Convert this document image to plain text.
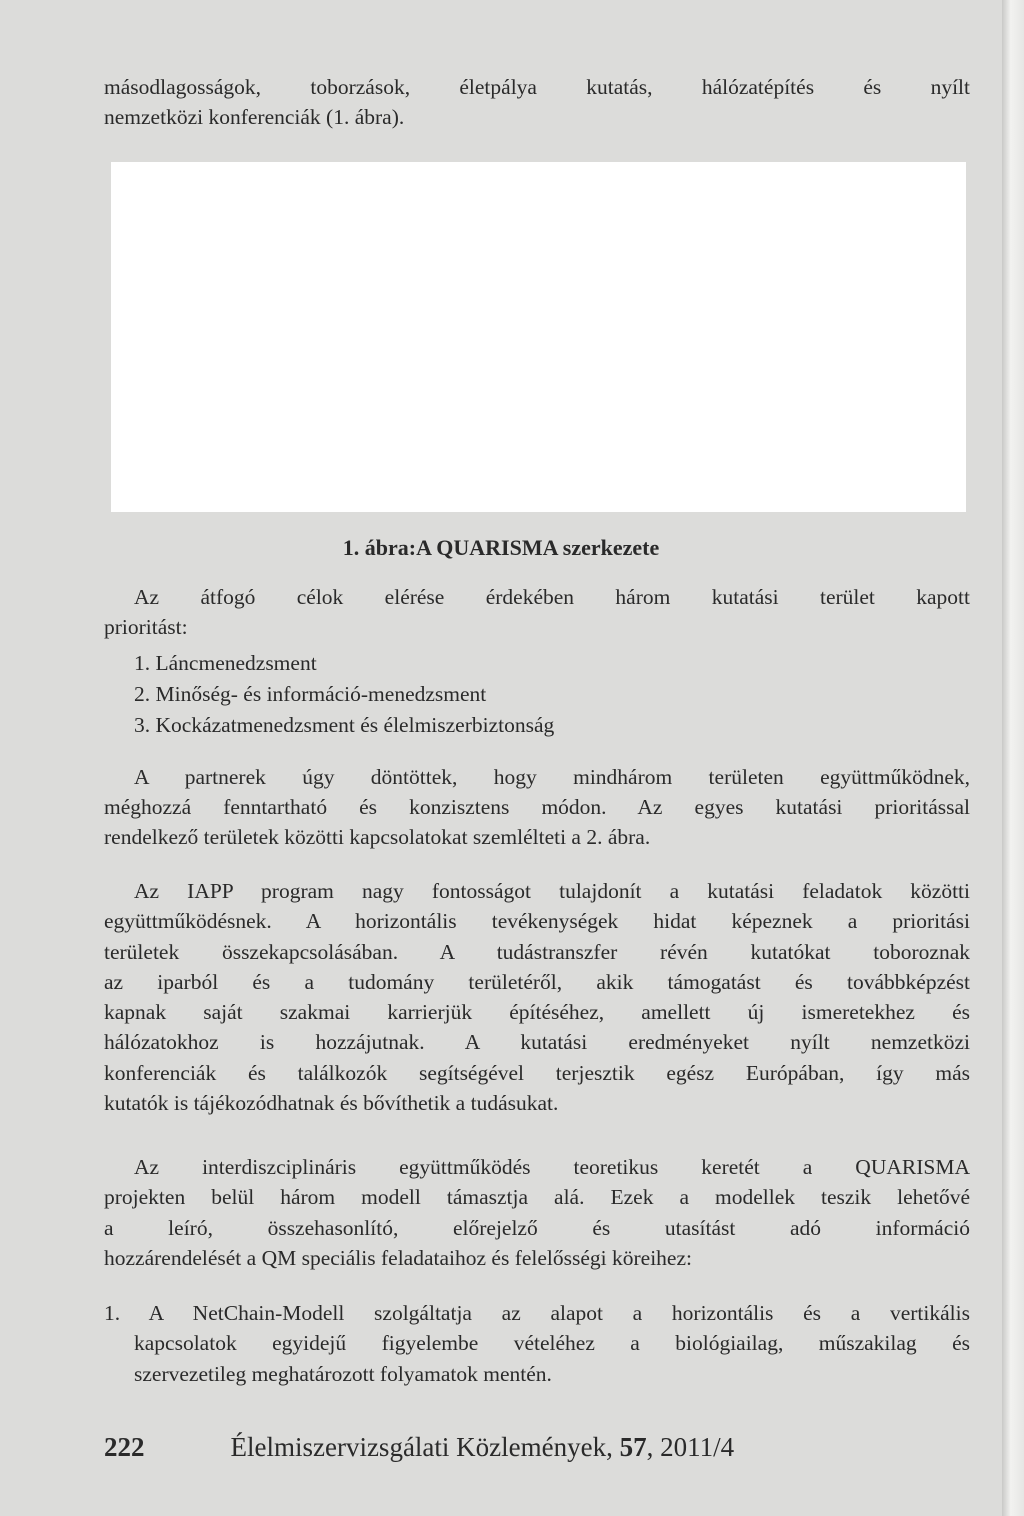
másodlagosságok, toborzások, életpálya kutatás, hálózatépítés és nyílt
nemzetközi konferenciák (1. ábra).
1. ábra:A QUARISMA szerkezete
Az átfogó célok elérése érdekében három kutatási terület kapott
prioritást:
1. Láncmenedzsment
2. Minőség- és információ-menedzsment
3. Kockázatmenedzsment és élelmiszerbiztonság
A partnerek úgy döntöttek, hogy mindhárom területen együttműködnek,
méghozzá fenntartható és konzisztens módon. Az egyes kutatási prioritással
rendelkező területek közötti kapcsolatokat szemlélteti a 2. ábra.
Az IAPP program nagy fontosságot tulajdonít a kutatási feladatok közötti
együttműködésnek. A horizontális tevékenységek hidat képeznek a prioritási
területek összekapcsolásában. A tudástranszfer révén kutatókat toboroznak
az iparból és a tudomány területéről, akik támogatást és továbbképzést
kapnak saját szakmai karrierjük építéséhez, amellett új ismeretekhez és
hálózatokhoz is hozzájutnak. A kutatási eredményeket nyílt nemzetközi
konferenciák és találkozók segítségével terjesztik egész Európában, így más
kutatók is tájékozódhatnak és bővíthetik a tudásukat.
Az interdiszciplináris együttműködés teoretikus keretét a QUARISMA
projekten belül három modell támasztja alá. Ezek a modellek teszik lehetővé
a leíró, összehasonlító, előrejelző és utasítást adó információ
hozzárendelését a QM speciális feladataihoz és felelősségi köreihez:
1. A NetChain-Modell szolgáltatja az alapot a horizontális és a vertikális
kapcsolatok egyidejű figyelembe vételéhez a biológiailag, műszakilag és
szervezetileg meghatározott folyamatok mentén.
222	Élelmiszervizsgálati Közlemények, 57, 2011/4
